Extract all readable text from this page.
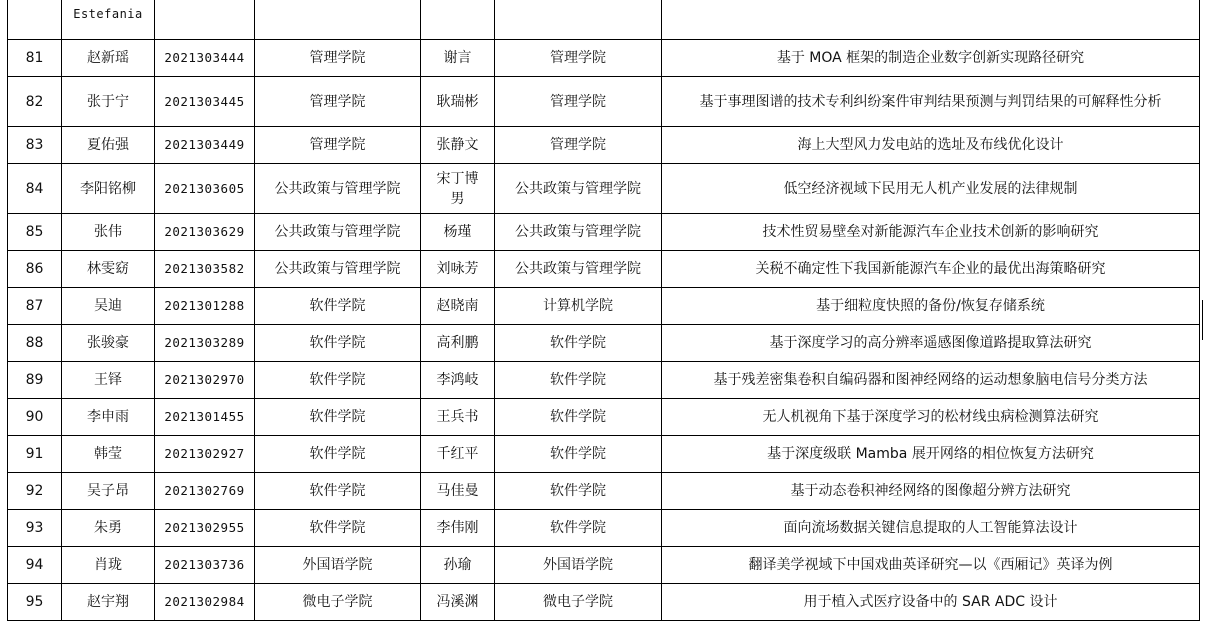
	Estefania					
81	赵新瑶	2021303444	管理学院	谢言	管理学院	基于 MOA 框架的制造企业数字创新实现路径研究
82	张于宁	2021303445	管理学院	耿瑞彬	管理学院	基于事理图谱的技术专利纠纷案件审判结果预测与判罚结果的可解释性分析
83	夏佑强	2021303449	管理学院	张静文	管理学院	海上大型风力发电站的选址及布线优化设计
84	李阳铭柳	2021303605	公共政策与管理学院	宋丁博男	公共政策与管理学院	低空经济视域下民用无人机产业发展的法律规制
85	张伟	2021303629	公共政策与管理学院	杨瑾	公共政策与管理学院	技术性贸易壁垒对新能源汽车企业技术创新的影响研究
86	林雯窈	2021303582	公共政策与管理学院	刘咏芳	公共政策与管理学院	关税不确定性下我国新能源汽车企业的最优出海策略研究
87	吴迪	2021301288	软件学院	赵晓南	计算机学院	基于细粒度快照的备份/恢复存储系统
88	张骏豪	2021303289	软件学院	高利鹏	软件学院	基于深度学习的高分辨率遥感图像道路提取算法研究
89	王铎	2021302970	软件学院	李鸿岐	软件学院	基于残差密集卷积自编码器和图神经网络的运动想象脑电信号分类方法
90	李申雨	2021301455	软件学院	王兵书	软件学院	无人机视角下基于深度学习的松材线虫病检测算法研究
91	韩莹	2021302927	软件学院	千红平	软件学院	基于深度级联 Mamba 展开网络的相位恢复方法研究
92	吴子昂	2021302769	软件学院	马佳曼	软件学院	基于动态卷积神经网络的图像超分辨方法研究
93	朱勇	2021302955	软件学院	李伟刚	软件学院	面向流场数据关键信息提取的人工智能算法设计
94	肖珑	2021303736	外国语学院	孙瑜	外国语学院	翻译美学视域下中国戏曲英译研究—以《西厢记》英译为例
95	赵宇翔	2021302984	微电子学院	冯溪渊	微电子学院	用于植入式医疗设备中的 SAR ADC 设计
